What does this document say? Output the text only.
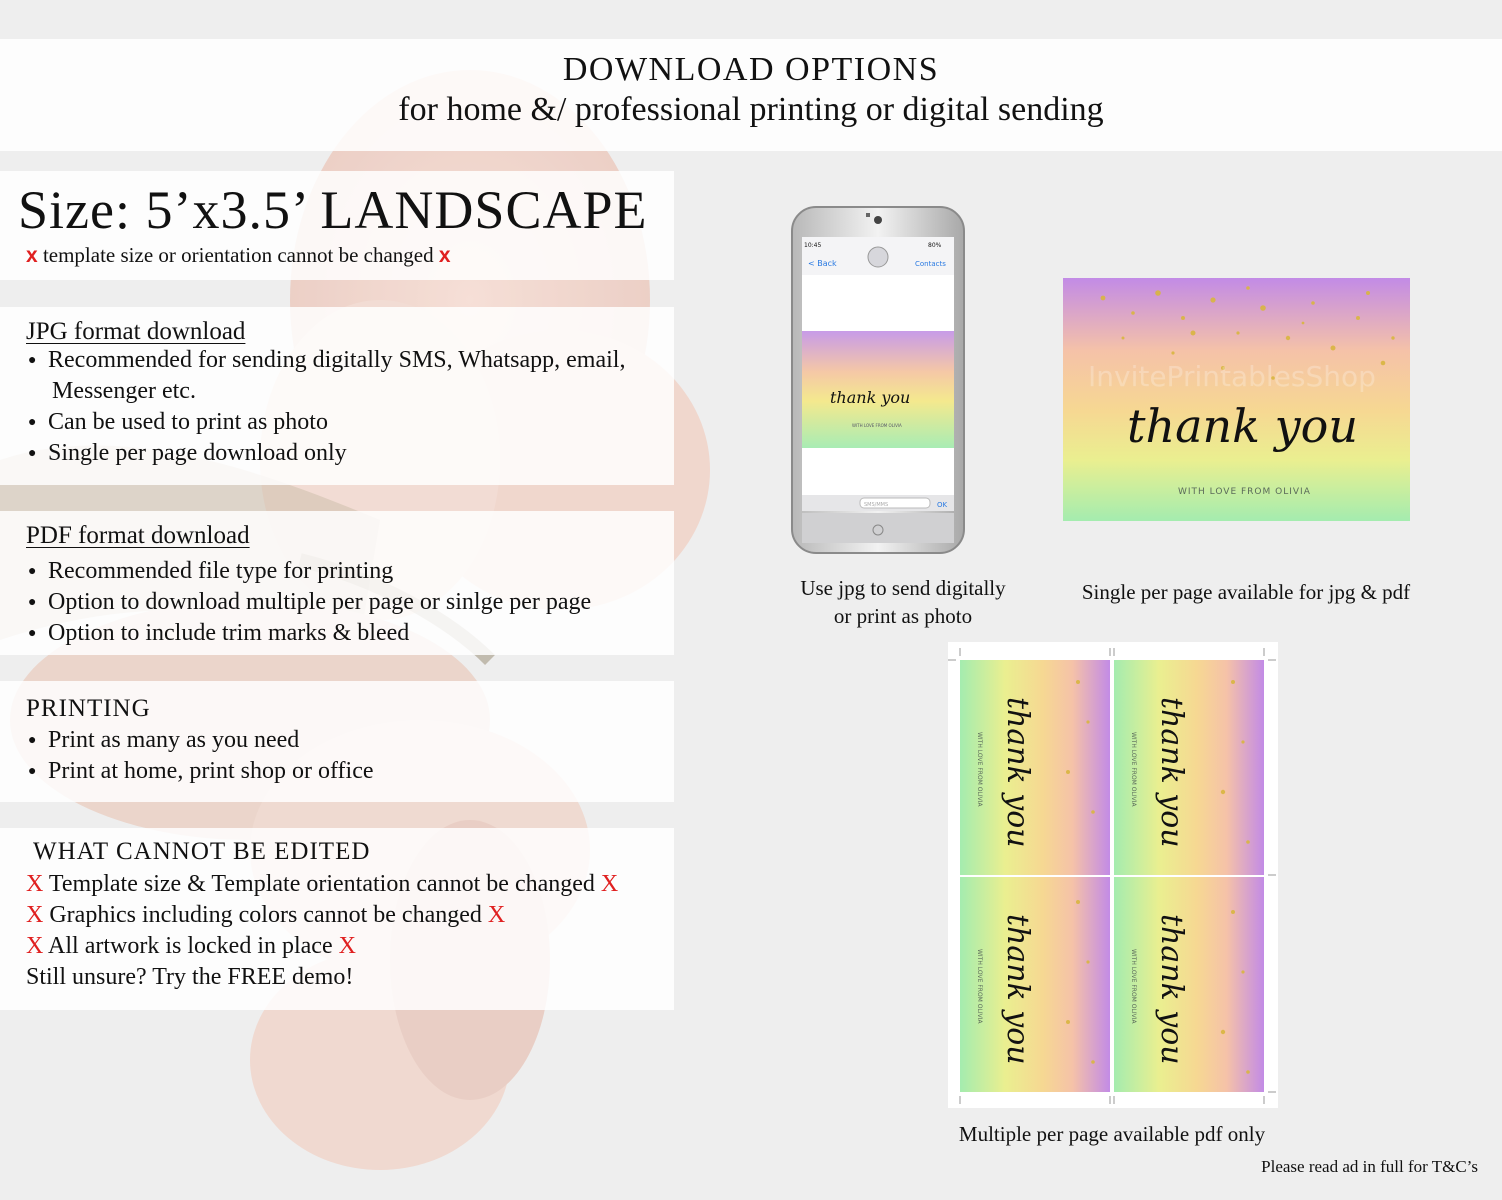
DOWNLOAD OPTIONS
for home &/ professional printing or digital sending
Size: 5’x3.5’ LANDSCAPE
x template size or orientation cannot be changed x
JPG format download
● Recommended for sending digitally SMS, Whatsapp, email,
Messenger etc.
● Can be used to print as photo
● Single per page download only
PDF format download
● Recommended file type for printing
● Option to download multiple per page or sinlge per page
● Option to include trim marks & bleed
PRINTING
● Print as many as you need
● Print at home, print shop or office
WHAT CANNOT BE EDITED
X Template size & Template orientation cannot be changed X
X Graphics including colors cannot be changed X
X All artwork is locked in place X
Still unsure? Try the FREE demo!
10:45	80%
< Back	Contacts
thank you
WITH LOVE FROM OLIVIA
SMS/MMS	OK
InvitePrintablesShop
thank you
WITH LOVE FROM OLIVIA
thank you	thank you
thank you	thank you
WITH LOVE FROM OLIVIA	WITH LOVE FROM OLIVIA
WITH LOVE FROM OLIVIA	WITH LOVE FROM OLIVIA
Use jpg to send digitally
or print as photo
Single per page available for jpg & pdf
Multiple per page available pdf only
Please read ad in full for T&C’s
